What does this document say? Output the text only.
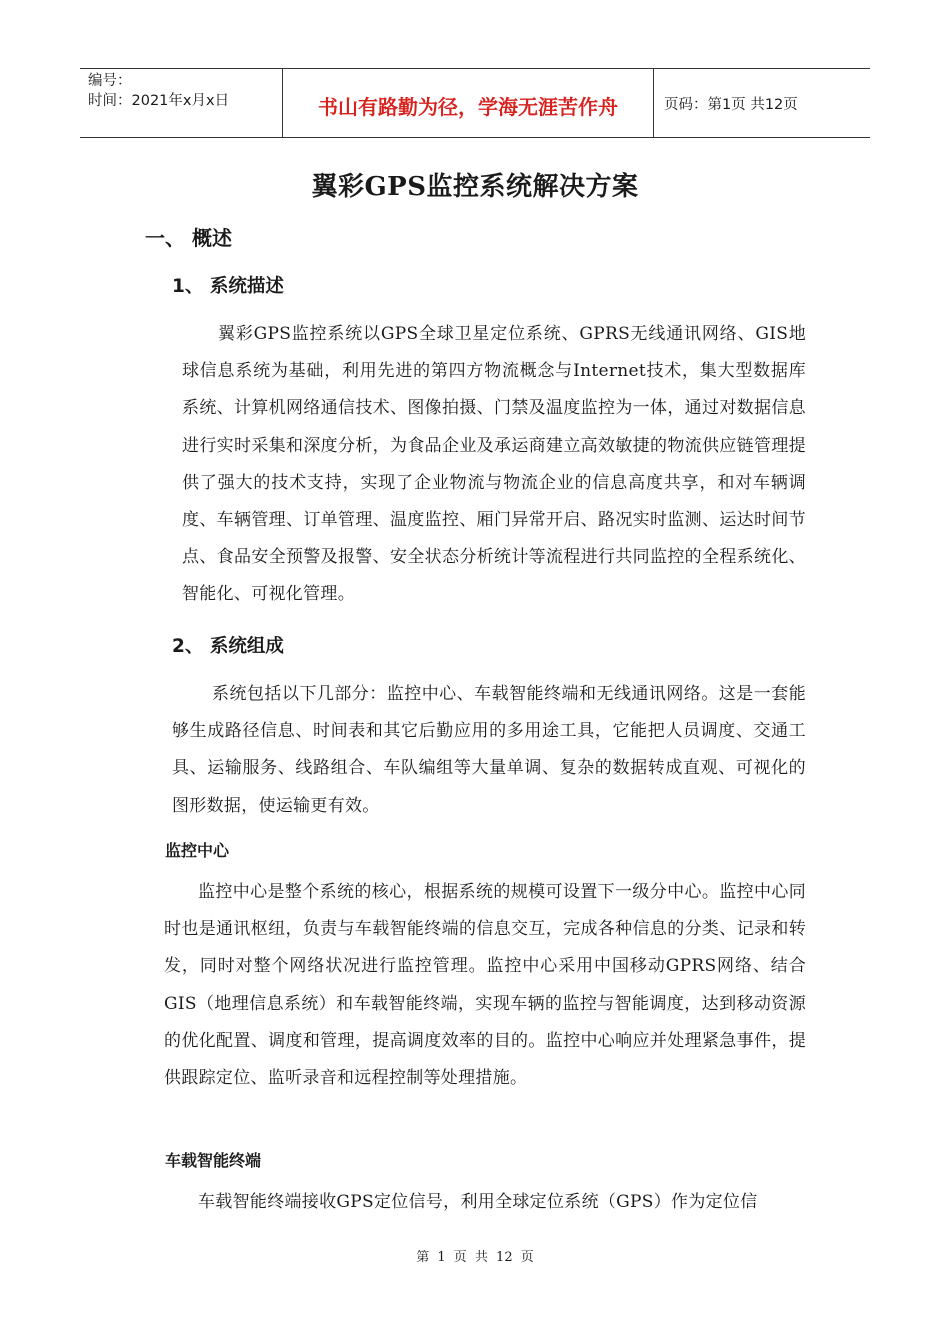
编号：
时间：2021年x月x日	书山有路勤为径，学海无涯苦作舟	页码：第1页 共12页
翼彩GPS监控系统解决方案
一、 概述
1、 系统描述
翼彩GPS监控系统以GPS全球卫星定位系统、GPRS无线通讯网络、GIS地球信息系统为基础，利用先进的第四方物流概念与Internet技术，集大型数据库系统、计算机网络通信技术、图像拍摄、门禁及温度监控为一体，通过对数据信息进行实时采集和深度分析，为食品企业及承运商建立高效敏捷的物流供应链管理提供了强大的技术支持，实现了企业物流与物流企业的信息高度共享，和对车辆调度、车辆管理、订单管理、温度监控、厢门异常开启、路况实时监测、运达时间节点、食品安全预警及报警、安全状态分析统计等流程进行共同监控的全程系统化、智能化、可视化管理。
2、 系统组成
系统包括以下几部分：监控中心、车载智能终端和无线通讯网络。这是一套能够生成路径信息、时间表和其它后勤应用的多用途工具，它能把人员调度、交通工具、运输服务、线路组合、车队编组等大量单调、复杂的数据转成直观、可视化的图形数据，使运输更有效。
监控中心
监控中心是整个系统的核心，根据系统的规模可设置下一级分中心。监控中心同时也是通讯枢纽，负责与车载智能终端的信息交互，完成各种信息的分类、记录和转发，同时对整个网络状况进行监控管理。监控中心采用中国移动GPRS网络、结合GIS（地理信息系统）和车载智能终端，实现车辆的监控与智能调度，达到移动资源的优化配置、调度和管理，提高调度效率的目的。监控中心响应并处理紧急事件，提供跟踪定位、监听录音和远程控制等处理措施。
车载智能终端
车载智能终端接收GPS定位信号，利用全球定位系统（GPS）作为定位信
第 1 页 共 12 页
